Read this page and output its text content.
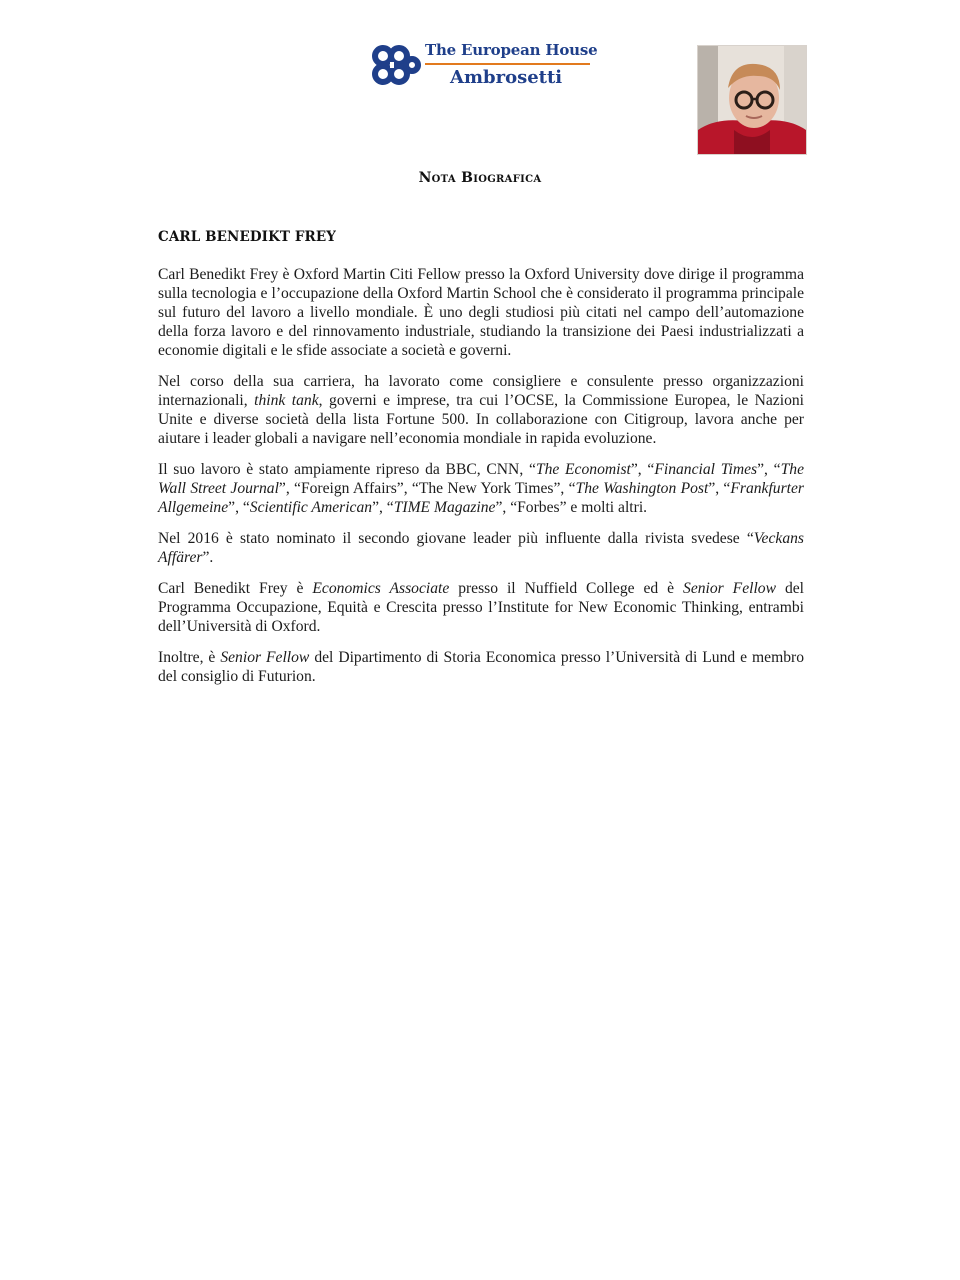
The European House
Ambrosetti
Nota Biografica
CARL BENEDIKT FREY

Carl Benedikt Frey è Oxford Martin Citi Fellow presso la Oxford University dove dirige il programma sulla tecnologia e l’occupazione della Oxford Martin School che è considerato il programma principale sul futuro del lavoro a livello mondiale. È uno degli studiosi più citati nel campo dell’automazione della forza lavoro e del rinnovamento industriale, studiando la transizione dei Paesi industrializzati a economie digitali e le sfide associate a società e governi.

Nel corso della sua carriera, ha lavorato come consigliere e consulente presso organizzazioni internazionali, think tank, governi e imprese, tra cui l’OCSE, la Commissione Europea, le Nazioni Unite e diverse società della lista Fortune 500. In collaborazione con Citigroup, lavora anche per aiutare i leader globali a navigare nell’economia mondiale in rapida evoluzione.

Il suo lavoro è stato ampiamente ripreso da BBC, CNN, “The Economist”, “Financial Times”, “The Wall Street Journal”, “Foreign Affairs”, “The New York Times”, “The Washington Post”, “Frankfurter Allgemeine”, “Scientific American”, “TIME Magazine”, “Forbes” e molti altri.

Nel 2016 è stato nominato il secondo giovane leader più influente dalla rivista svedese “Veckans Affärer”.

Carl Benedikt Frey è Economics Associate presso il Nuffield College ed è Senior Fellow del Programma Occupazione, Equità e Crescita presso l’Institute for New Economic Thinking, entrambi dell’Università di Oxford.

Inoltre, è Senior Fellow del Dipartimento di Storia Economica presso l’Università di Lund e membro del consiglio di Futurion.
